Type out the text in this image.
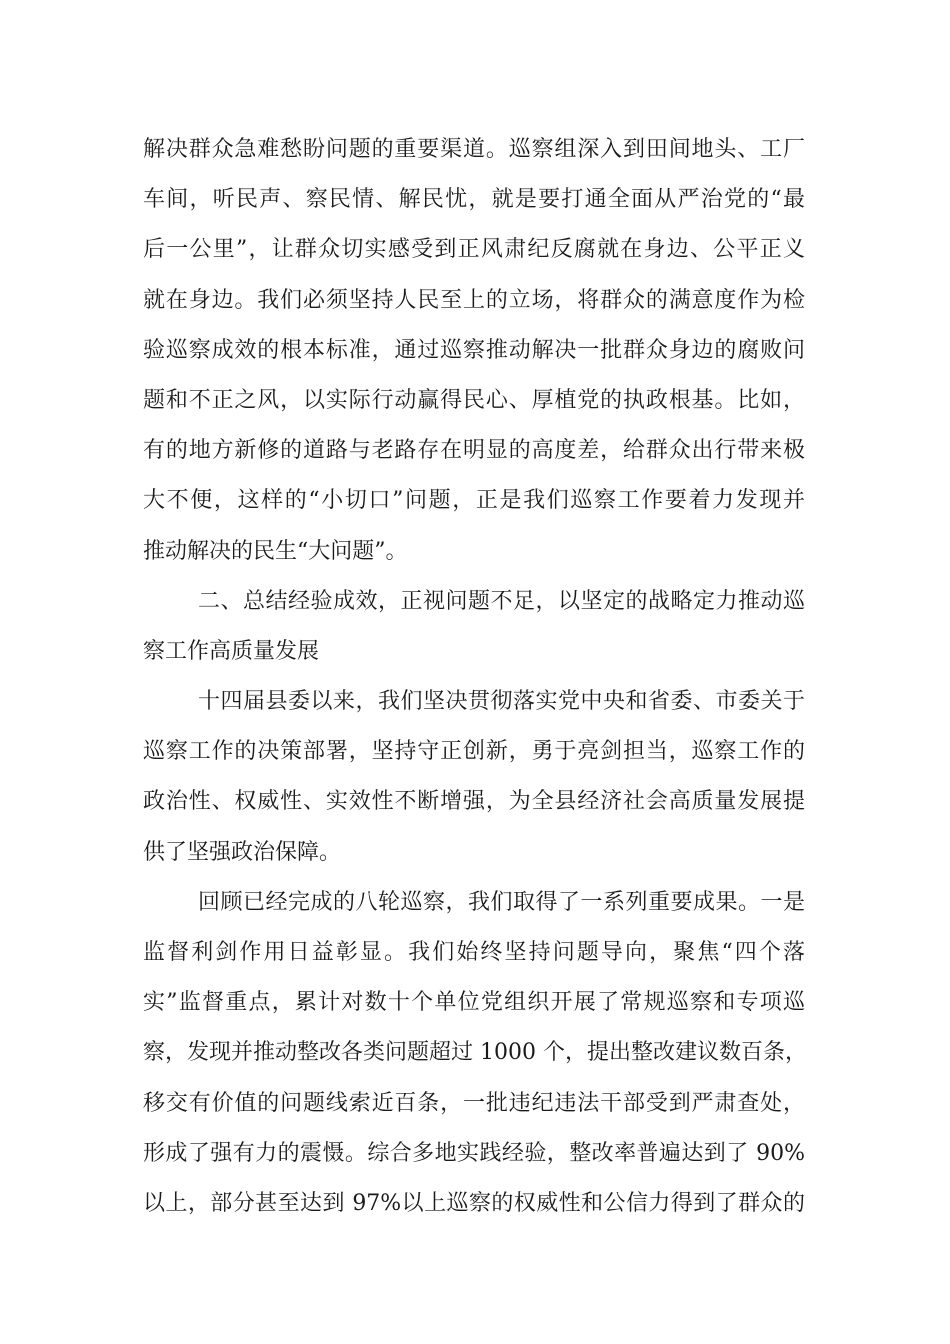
解决群众急难愁盼问题的重要渠道。巡察组深入到田间地头、工厂
车间，听民声、察民情、解民忧，就是要打通全面从严治党的“最
后一公里”，让群众切实感受到正风肃纪反腐就在身边、公平正义
就在身边。我们必须坚持人民至上的立场，将群众的满意度作为检
验巡察成效的根本标准，通过巡察推动解决一批群众身边的腐败问
题和不正之风，以实际行动赢得民心、厚植党的执政根基。比如，
有的地方新修的道路与老路存在明显的高度差，给群众出行带来极
大不便，这样的“小切口”问题，正是我们巡察工作要着力发现并
推动解决的民生“大问题”。
二、总结经验成效，正视问题不足，以坚定的战略定力推动巡
察工作高质量发展
十四届县委以来，我们坚决贯彻落实党中央和省委、市委关于
巡察工作的决策部署，坚持守正创新，勇于亮剑担当，巡察工作的
政治性、权威性、实效性不断增强，为全县经济社会高质量发展提
供了坚强政治保障。
回顾已经完成的八轮巡察，我们取得了一系列重要成果。一是
监督利剑作用日益彰显。我们始终坚持问题导向，聚焦“四个落
实”监督重点，累计对数十个单位党组织开展了常规巡察和专项巡
察，发现并推动整改各类问题超过 1000 个，提出整改建议数百条，
移交有价值的问题线索近百条，一批违纪违法干部受到严肃查处，
形成了强有力的震慑。综合多地实践经验，整改率普遍达到了 90%
以上，部分甚至达到 97%以上巡察的权威性和公信力得到了群众的
